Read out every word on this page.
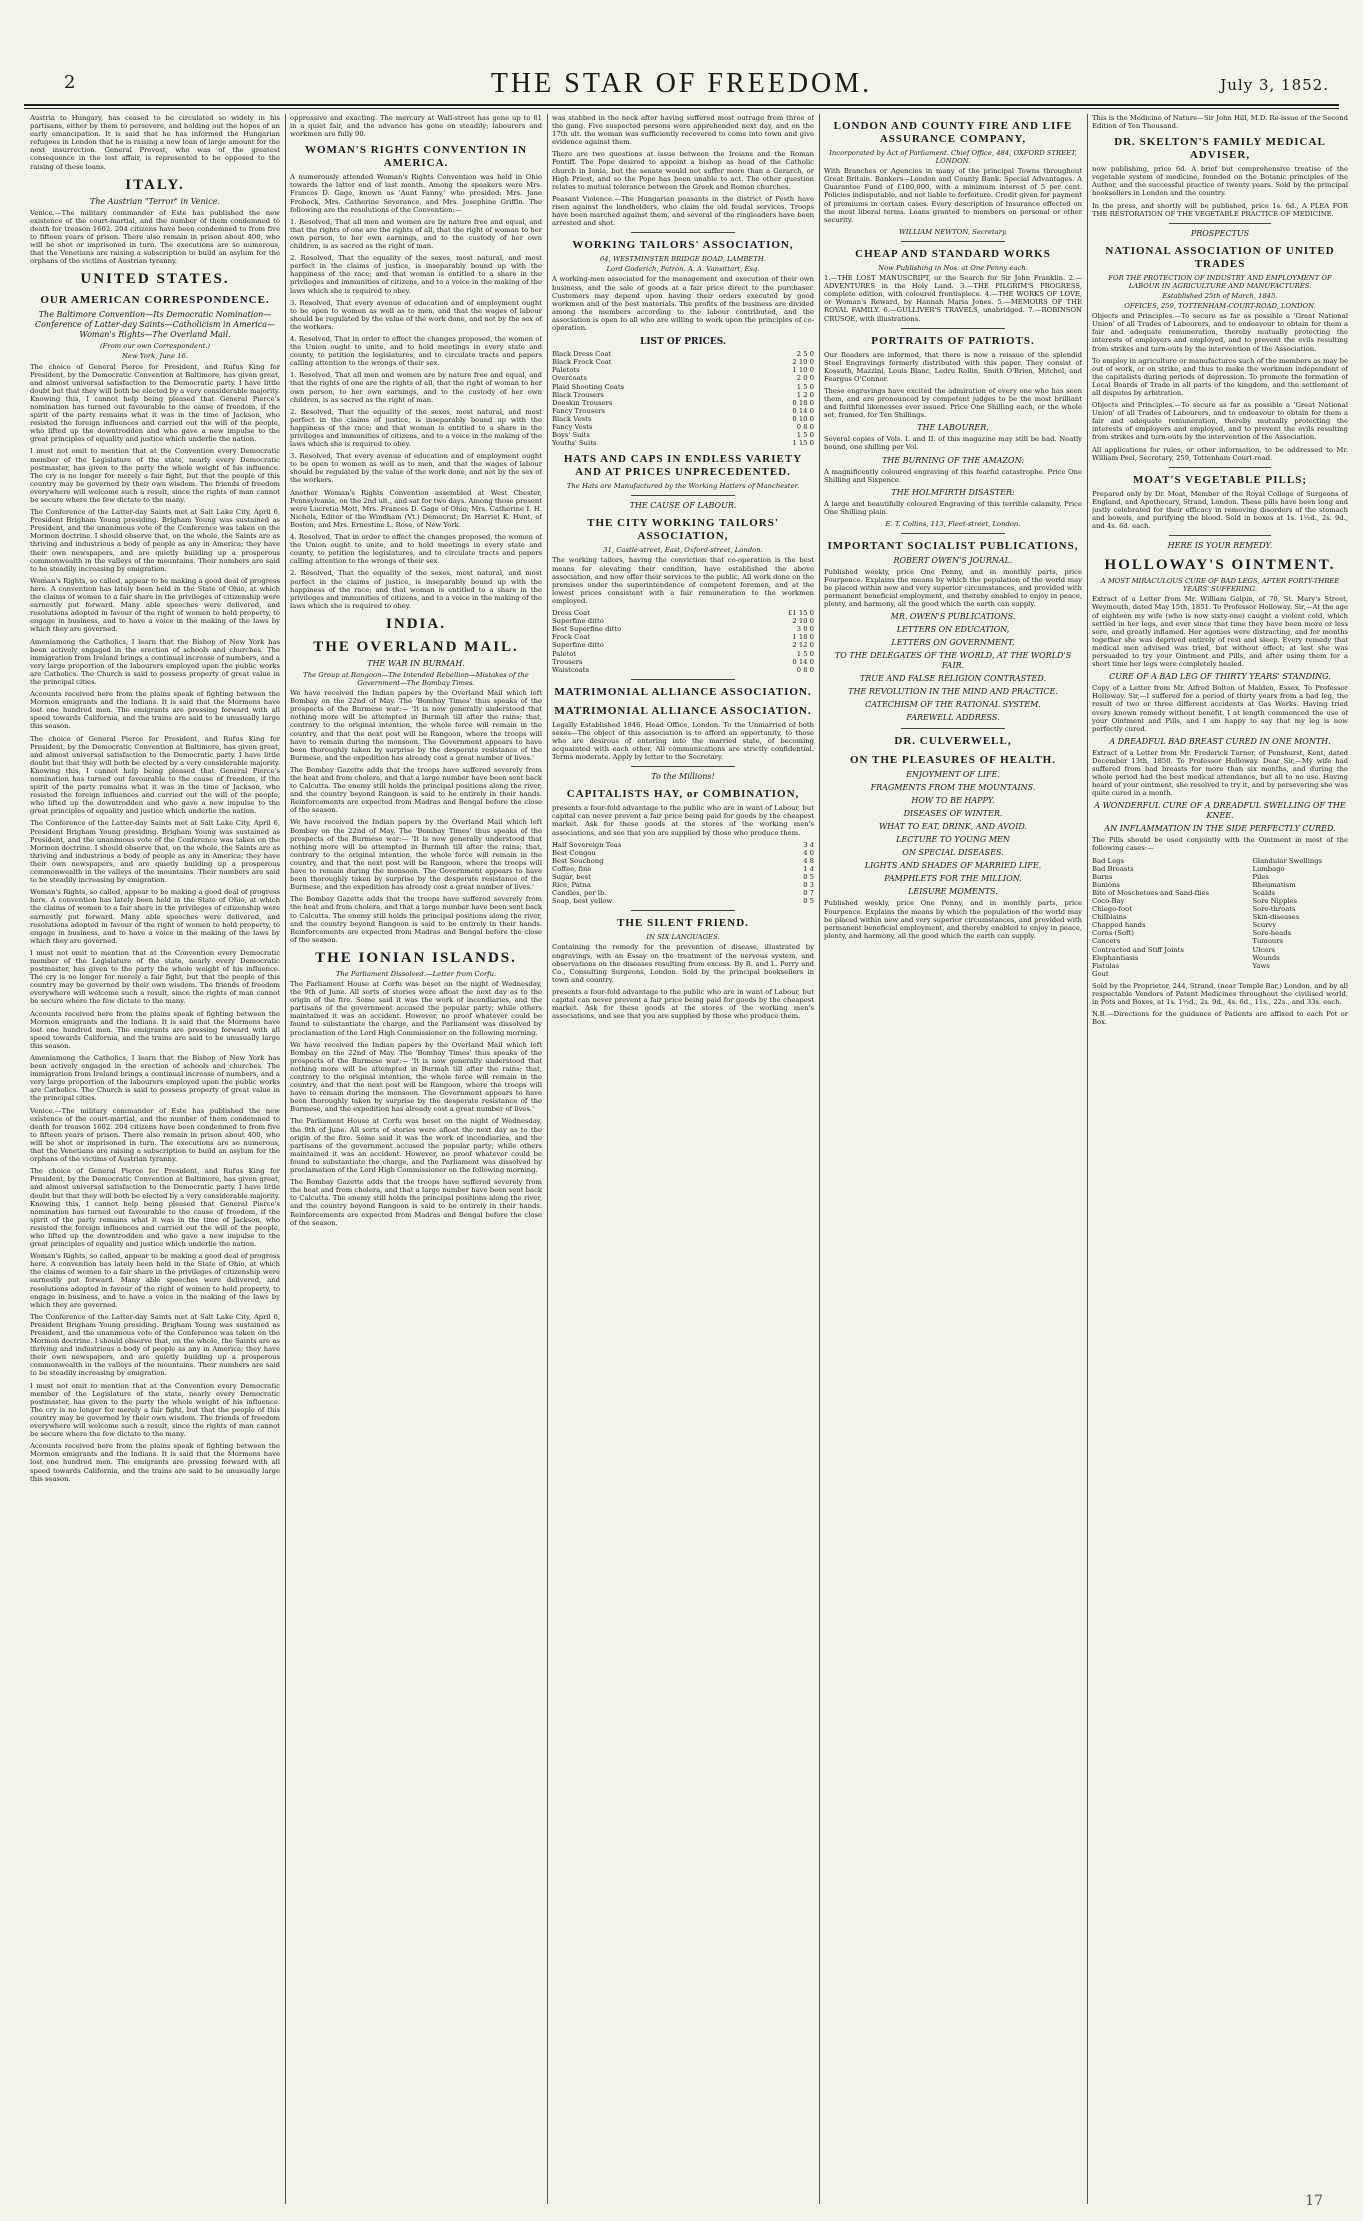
2	THE STAR OF FREEDOM.	July 3, 1852.

Austria to Hungary, has ceased to be circulated so widely in his partisans, either by them to persevere, and holding out the hopes of an early emancipation. It is said that he has informed the Hungarian refugees in London that he is raising a new loan of large amount for the next insurrection. General Prevost, who was of the greatest consequence in the lost affair, is represented to be opposed to the raising of these loans.

ITALY.
The Austrian "Terror" in Venice.

Venice.—The military commander of Este has published the new existence of the court-martial, and the number of them condemned to death for treason 1602. 204 citizens have been condemned to from five to fifteen years of prison. There also remain in prison about 400, who will be shot or imprisoned in turn. The executions are so numerous, that the Venetians are raising a subscription to build an asylum for the orphans of the victims of Austrian tyranny.

UNITED STATES.
OUR AMERICAN CORRESPONDENCE.
The Baltimore Convention—Its Democratic Nomination—Conference of Latter-day Saints—Catholicism in America—Woman's Rights—The Overland Mail.
(From our own Correspondent.)
New York, June 16.

The choice of General Pierce for President, and Rufus King for President, by the Democratic Convention at Baltimore, has given great, and almost universal satisfaction to the Democratic party. I have little doubt but that they will both be elected by a very considerable majority. Knowing this, I cannot help being pleased that General Pierce's nomination has turned out favourable to the cause of freedom, if the spirit of the party remains what it was in the time of Jackson, who resisted the foreign influences and carried out the will of the people, who lifted up the downtrodden and who gave a new impulse to the great principles of equality and justice which underlie the nation.

I must not omit to mention that at the Convention every Democratic member of the Legislature of the state, nearly every Democratic postmaster, has given to the party the whole weight of his influence. The cry is no longer for merely a fair fight, but that the people of this country may be governed by their own wisdom. The friends of freedom everywhere will welcome such a result, since the rights of man cannot be secure where the few dictate to the many.

The Conference of the Latter-day Saints met at Salt Lake City, April 6, President Brigham Young presiding. Brigham Young was sustained as President, and the unanimous vote of the Conference was taken on the Mormon doctrine. I should observe that, on the whole, the Saints are as thriving and industrious a body of people as any in America; they have their own newspapers, and are quietly building up a prosperous commonwealth in the valleys of the mountains. Their numbers are said to be steadily increasing by emigration.

Woman's Rights, so called, appear to be making a good deal of progress here. A convention has lately been held in the State of Ohio, at which the claims of women to a fair share in the privileges of citizenship were earnestly put forward. Many able speeches were delivered, and resolutions adopted in favour of the right of women to hold property, to engage in business, and to have a voice in the making of the laws by which they are governed.

Ameniamong the Catholics, I learn that the Bishop of New York has been actively engaged in the erection of schools and churches. The immigration from Ireland brings a continual increase of numbers, and a very large proportion of the labourers employed upon the public works are Catholics. The Church is said to possess property of great value in the principal cities.

Accounts received here from the plains speak of fighting between the Mormon emigrants and the Indians. It is said that the Mormons have lost one hundred men. The emigrants are pressing forward with all speed towards California, and the trains are said to be unusually large this season.

The choice of General Pierce for President, and Rufus King for President, by the Democratic Convention at Baltimore, has given great, and almost universal satisfaction to the Democratic party. I have little doubt but that they will both be elected by a very considerable majority. Knowing this, I cannot help being pleased that General Pierce's nomination has turned out favourable to the cause of freedom, if the spirit of the party remains what it was in the time of Jackson, who resisted the foreign influences and carried out the will of the people, who lifted up the downtrodden and who gave a new impulse to the great principles of equality and justice which underlie the nation.

The Conference of the Latter-day Saints met at Salt Lake City, April 6, President Brigham Young presiding. Brigham Young was sustained as President, and the unanimous vote of the Conference was taken on the Mormon doctrine. I should observe that, on the whole, the Saints are as thriving and industrious a body of people as any in America; they have their own newspapers, and are quietly building up a prosperous commonwealth in the valleys of the mountains. Their numbers are said to be steadily increasing by emigration.

Woman's Rights, so called, appear to be making a good deal of progress here. A convention has lately been held in the State of Ohio, at which the claims of women to a fair share in the privileges of citizenship were earnestly put forward. Many able speeches were delivered, and resolutions adopted in favour of the right of women to hold property, to engage in business, and to have a voice in the making of the laws by which they are governed.

I must not omit to mention that at the Convention every Democratic member of the Legislature of the state, nearly every Democratic postmaster, has given to the party the whole weight of his influence. The cry is no longer for merely a fair fight, but that the people of this country may be governed by their own wisdom. The friends of freedom everywhere will welcome such a result, since the rights of man cannot be secure where the few dictate to the many.

Accounts received here from the plains speak of fighting between the Mormon emigrants and the Indians. It is said that the Mormons have lost one hundred men. The emigrants are pressing forward with all speed towards California, and the trains are said to be unusually large this season.

Ameniamong the Catholics, I learn that the Bishop of New York has been actively engaged in the erection of schools and churches. The immigration from Ireland brings a continual increase of numbers, and a very large proportion of the labourers employed upon the public works are Catholics. The Church is said to possess property of great value in the principal cities.

Venice.—The military commander of Este has published the new existence of the court-martial, and the number of them condemned to death for treason 1602. 204 citizens have been condemned to from five to fifteen years of prison. There also remain in prison about 400, who will be shot or imprisoned in turn. The executions are so numerous, that the Venetians are raising a subscription to build an asylum for the orphans of the victims of Austrian tyranny.

The choice of General Pierce for President, and Rufus King for President, by the Democratic Convention at Baltimore, has given great, and almost universal satisfaction to the Democratic party. I have little doubt but that they will both be elected by a very considerable majority. Knowing this, I cannot help being pleased that General Pierce's nomination has turned out favourable to the cause of freedom, if the spirit of the party remains what it was in the time of Jackson, who resisted the foreign influences and carried out the will of the people, who lifted up the downtrodden and who gave a new impulse to the great principles of equality and justice which underlie the nation.

Woman's Rights, so called, appear to be making a good deal of progress here. A convention has lately been held in the State of Ohio, at which the claims of women to a fair share in the privileges of citizenship were earnestly put forward. Many able speeches were delivered, and resolutions adopted in favour of the right of women to hold property, to engage in business, and to have a voice in the making of the laws by which they are governed.

The Conference of the Latter-day Saints met at Salt Lake City, April 6, President Brigham Young presiding. Brigham Young was sustained as President, and the unanimous vote of the Conference was taken on the Mormon doctrine. I should observe that, on the whole, the Saints are as thriving and industrious a body of people as any in America; they have their own newspapers, and are quietly building up a prosperous commonwealth in the valleys of the mountains. Their numbers are said to be steadily increasing by emigration.

I must not omit to mention that at the Convention every Democratic member of the Legislature of the state, nearly every Democratic postmaster, has given to the party the whole weight of his influence. The cry is no longer for merely a fair fight, but that the people of this country may be governed by their own wisdom. The friends of freedom everywhere will welcome such a result, since the rights of man cannot be secure where the few dictate to the many.

Accounts received here from the plains speak of fighting between the Mormon emigrants and the Indians. It is said that the Mormons have lost one hundred men. The emigrants are pressing forward with all speed towards California, and the trains are said to be unusually large this season.

oppressive and exacting. The mercury at Wall-street has gone up to 81 in a quiet fair, and the advance has gone on steadily; labourers and workmen are fully 90.

WOMAN'S RIGHTS CONVENTION IN AMERICA.

A numerously attended Woman's Rights Convention was held in Ohio towards the latter end of last month. Among the speakers were Mrs. Frances D. Gage, known as 'Aunt Fanny,' who presided; Mrs. Jane Frohock, Mrs. Catherine Severance, and Mrs. Josephine Griffin. The following are the resolutions of the Convention:—

1. Resolved, That all men and women are by nature free and equal, and that the rights of one are the rights of all, that the right of woman to her own person, to her own earnings, and to the custody of her own children, is as sacred as the right of man.

2. Resolved, That the equality of the sexes, most natural, and most perfect in the claims of justice, is inseparably bound up with the happiness of the race; and that woman is entitled to a share in the privileges and immunities of citizens, and to a voice in the making of the laws which she is required to obey.

3. Resolved, That every avenue of education and of employment ought to be open to women as well as to men, and that the wages of labour should be regulated by the value of the work done, and not by the sex of the workers.

4. Resolved, That in order to effect the changes proposed, the women of the Union ought to unite, and to hold meetings in every state and county, to petition the legislatures, and to circulate tracts and papers calling attention to the wrongs of their sex.

1. Resolved, That all men and women are by nature free and equal, and that the rights of one are the rights of all, that the right of woman to her own person, to her own earnings, and to the custody of her own children, is as sacred as the right of man.

2. Resolved, That the equality of the sexes, most natural, and most perfect in the claims of justice, is inseparably bound up with the happiness of the race; and that woman is entitled to a share in the privileges and immunities of citizens, and to a voice in the making of the laws which she is required to obey.

3. Resolved, That every avenue of education and of employment ought to be open to women as well as to men, and that the wages of labour should be regulated by the value of the work done, and not by the sex of the workers.

Another Woman's Rights Convention assembled at West Chester, Pennsylvania, on the 2nd ult., and sat for two days. Among those present were Lucretia Mott, Mrs. Frances D. Gage of Ohio; Mrs. Catherine I. H. Nichols, Editor of the Windham (Vt.) Democrat; Dr. Harriet K. Hunt, of Boston; and Mrs. Ernestine L. Rose, of New York.

4. Resolved, That in order to effect the changes proposed, the women of the Union ought to unite, and to hold meetings in every state and county, to petition the legislatures, and to circulate tracts and papers calling attention to the wrongs of their sex.

2. Resolved, That the equality of the sexes, most natural, and most perfect in the claims of justice, is inseparably bound up with the happiness of the race; and that woman is entitled to a share in the privileges and immunities of citizens, and to a voice in the making of the laws which she is required to obey.

INDIA.
THE OVERLAND MAIL.
THE WAR IN BURMAH.
The Group at Rangoon—The Intended Rebellion—Mistakes of the Government—The Bombay Times.

We have received the Indian papers by the Overland Mail which left Bombay on the 22nd of May. The 'Bombay Times' thus speaks of the prospects of the Burmese war:— 'It is now generally understood that nothing more will be attempted in Burmah till after the rains; that, contrary to the original intention, the whole force will remain in the country, and that the next post will be Rangoon, where the troops will have to remain during the monsoon. The Government appears to have been thoroughly taken by surprise by the desperate resistance of the Burmese, and the expedition has already cost a great number of lives.'

The Bombay Gazette adds that the troops have suffered severely from the heat and from cholera, and that a large number have been sent back to Calcutta. The enemy still holds the principal positions along the river, and the country beyond Rangoon is said to be entirely in their hands. Reinforcements are expected from Madras and Bengal before the close of the season.

We have received the Indian papers by the Overland Mail which left Bombay on the 22nd of May. The 'Bombay Times' thus speaks of the prospects of the Burmese war:— 'It is now generally understood that nothing more will be attempted in Burmah till after the rains; that, contrary to the original intention, the whole force will remain in the country, and that the next post will be Rangoon, where the troops will have to remain during the monsoon. The Government appears to have been thoroughly taken by surprise by the desperate resistance of the Burmese, and the expedition has already cost a great number of lives.'

The Bombay Gazette adds that the troops have suffered severely from the heat and from cholera, and that a large number have been sent back to Calcutta. The enemy still holds the principal positions along the river, and the country beyond Rangoon is said to be entirely in their hands. Reinforcements are expected from Madras and Bengal before the close of the season.

THE IONIAN ISLANDS.
The Parliament Dissolved.—Letter from Corfu.

The Parliament House at Corfu was beset on the night of Wednesday, the 9th of June. All sorts of stories were afloat the next day as to the origin of the fire. Some said it was the work of incendiaries, and the partisans of the government accused the popular party; while others maintained it was an accident. However, no proof whatever could be found to substantiate the charge, and the Parliament was dissolved by proclamation of the Lord High Commissioner on the following morning.

We have received the Indian papers by the Overland Mail which left Bombay on the 22nd of May. The 'Bombay Times' thus speaks of the prospects of the Burmese war:— 'It is now generally understood that nothing more will be attempted in Burmah till after the rains; that, contrary to the original intention, the whole force will remain in the country, and that the next post will be Rangoon, where the troops will have to remain during the monsoon. The Government appears to have been thoroughly taken by surprise by the desperate resistance of the Burmese, and the expedition has already cost a great number of lives.'

The Parliament House at Corfu was beset on the night of Wednesday, the 9th of June. All sorts of stories were afloat the next day as to the origin of the fire. Some said it was the work of incendiaries, and the partisans of the government accused the popular party; while others maintained it was an accident. However, no proof whatever could be found to substantiate the charge, and the Parliament was dissolved by proclamation of the Lord High Commissioner on the following morning.

The Bombay Gazette adds that the troops have suffered severely from the heat and from cholera, and that a large number have been sent back to Calcutta. The enemy still holds the principal positions along the river, and the country beyond Rangoon is said to be entirely in their hands. Reinforcements are expected from Madras and Bengal before the close of the season.

was stabbed in the neck after having suffered most outrage from three of the gang. Five suspected persons were apprehended next day, and on the 17th ult. the woman was sufficiently recovered to come into town and give evidence against them.

There are two questions at issue between the Iroians and the Roman Pontiff. The Pope desired to appoint a bishop as head of the Catholic church in Ionia, but the senate would not suffer more than a Gerarch, or High Priest, and so the Pope has been unable to act. The other question relates to mutual tolerance between the Greek and Roman churches.

Peasant Violence.—The Hungarian peasants in the district of Pesth have risen against the landholders, who claim the old feudal services. Troops have been marched against them, and several of the ringleaders have been arrested and shot.

WORKING TAILORS' ASSOCIATION,
64, WESTMINSTER BRIDGE ROAD, LAMBETH.
Lord Goderich, Patron. A. A. Vansittart, Esq.

A working-men associated for the management and execution of their own business, and the sale of goods at a fair price direct to the purchaser. Customers may depend upon having their orders executed by good workmen and of the best materials. The profits of the business are divided among the members according to the labour contributed, and the association is open to all who are willing to work upon the principles of co-operation.

LIST OF PRICES.
Black Dress Coat	2 5 0
Black Frock Coat	2 10 0
Paletots	1 10 0
Overcoats	2 0 0
Plaid Shooting Coats	1 5 0
Black Trousers	1 2 0
Doeskin Trousers	0 18 0
Fancy Trousers	0 14 0
Black Vests	0 10 0
Fancy Vests	0 8 0
Boys' Suits	1 5 0
Youths' Suits	1 15 0
HATS AND CAPS IN ENDLESS VARIETY AND AT PRICES UNPRECEDENTED.
The Hats are Manufactured by the Working Hatters of Manchester.
THE CAUSE OF LABOUR.
THE CITY WORKING TAILORS' ASSOCIATION,
31, Castle-street, East, Oxford-street, London.

The working tailors, having the conviction that co-operation is the best means for elevating their condition, have established the above association, and now offer their services to the public. All work done on the premises under the superintendence of competent foremen, and at the lowest prices consistent with a fair remuneration to the workmen employed.

Dress Coat	£1 15 0
Superfine ditto	2 10 0
Best Superfine ditto	3 0 0
Frock Coat	1 18 0
Superfine ditto	2 12 0
Paletot	1 5 0
Trousers	0 14 0
Waistcoats	0 8 0
MATRIMONIAL ALLIANCE ASSOCIATION.
MATRIMONIAL ALLIANCE ASSOCIATION.

Legally Established 1846. Head Office, London. To the Unmarried of both sexes—The object of this association is to afford an opportunity, to those who are desirous of entering into the married state, of becoming acquainted with each other. All communications are strictly confidential. Terms moderate. Apply by letter to the Secretary.

To the Millions!
CAPITALISTS HAY, or COMBINATION,

presents a four-fold advantage to the public who are in want of Labour, but capital can never prevent a fair price being paid for goods by the cheapest market. Ask for these goods at the stores of the working men's associations, and see that you are supplied by those who produce them.

Half Sovereign Teas	3 4
Best Congou	4 0
Best Souchong	4 8
Coffee, fine	1 4
Sugar, best	0 5
Rice, Patna	0 3
Candles, per lb.	0 7
Soap, best yellow	0 5
THE SILENT FRIEND.
IN SIX LANGUAGES.

Containing the remedy for the prevention of disease, illustrated by engravings, with an Essay on the treatment of the nervous system, and observations on the diseases resulting from excess. By R. and L. Perry and Co., Consulting Surgeons, London. Sold by the principal booksellers in town and country.

presents a four-fold advantage to the public who are in want of Labour, but capital can never prevent a fair price being paid for goods by the cheapest market. Ask for these goods at the stores of the working men's associations, and see that you are supplied by those who produce them.

LONDON AND COUNTY FIRE AND LIFE ASSURANCE COMPANY,
Incorporated by Act of Parliament. Chief Office, 484, OXFORD STREET, LONDON.

With Branches or Agencies in many of the principal Towns throughout Great Britain. Bankers—London and County Bank. Special Advantages. A Guarantee Fund of £100,000, with a minimum interest of 5 per cent. Policies indisputable, and not liable to forfeiture. Credit given for payment of premiums in certain cases. Every description of Insurance effected on the most liberal terms. Loans granted to members on personal or other security.

WILLIAM NEWTON, Secretary.
CHEAP AND STANDARD WORKS
Now Publishing in Nos. at One Penny each.

1.—THE LOST MANUSCRIPT, or the Search for Sir John Franklin. 2.—ADVENTURES in the Holy Land. 3.—THE PILGRIM'S PROGRESS, complete edition, with coloured frontispiece. 4.—THE WORKS OF LOVE, or Woman's Reward, by Hannah Maria Jones. 5.—MEMOIRS OF THE ROYAL FAMILY. 6.—GULLIVER'S TRAVELS, unabridged. 7.—ROBINSON CRUSOE, with illustrations.

PORTRAITS OF PATRIOTS.

Our Readers are informed, that there is now a reissue of the splendid Steel Engravings formerly distributed with this paper. They consist of Kossuth, Mazzini, Louis Blanc, Ledru Rollin, Smith O'Brien, Mitchel, and Feargus O'Connor.

These engravings have excited the admiration of every one who has seen them, and are pronounced by competent judges to be the most brilliant and faithful likenesses ever issued. Price One Shilling each, or the whole set, framed, for Ten Shillings.

THE LABOURER.

Several copies of Vols. I. and II. of this magazine may still be had. Neatly bound, one shilling per Vol.

THE BURNING OF THE AMAZON:

A magnificently coloured engraving of this fearful catastrophe. Price One Shilling and Sixpence.

THE HOLMFIRTH DISASTER:

A large and beautifully coloured Engraving of this terrible calamity. Price One Shilling plain.

E. T. Collins, 113, Fleet-street, London.
IMPORTANT SOCIALIST PUBLICATIONS,
ROBERT OWEN'S JOURNAL.

Published weekly, price One Penny, and in monthly parts, price Fourpence. Explains the means by which the population of the world may be placed within new and very superior circumstances, and provided with permanent beneficial employment, and thereby enabled to enjoy in peace, plenty, and harmony, all the good which the earth can supply.

MR. OWEN'S PUBLICATIONS.
LETTERS ON EDUCATION,
LETTERS ON GOVERNMENT,
TO THE DELEGATES OF THE WORLD, AT THE WORLD'S FAIR.
TRUE AND FALSE RELIGION CONTRASTED.
THE REVOLUTION IN THE MIND AND PRACTICE.
CATECHISM OF THE RATIONAL SYSTEM.
FAREWELL ADDRESS.
DR. CULVERWELL,
ON THE PLEASURES OF HEALTH.
ENJOYMENT OF LIFE.
FRAGMENTS FROM THE MOUNTAINS.
HOW TO BE HAPPY.
DISEASES OF WINTER.
WHAT TO EAT, DRINK, AND AVOID.
LECTURE TO YOUNG MEN
ON SPECIAL DISEASES.
LIGHTS AND SHADES OF MARRIED LIFE.
PAMPHLETS FOR THE MILLION.
LEISURE MOMENTS.

Published weekly, price One Penny, and in monthly parts, price Fourpence. Explains the means by which the population of the world may be placed within new and very superior circumstances, and provided with permanent beneficial employment, and thereby enabled to enjoy in peace, plenty, and harmony, all the good which the earth can supply.

This is the Medicine of Nature—Sir John Hill, M.D. Re-issue of the Second Edition of Ten Thousand.

DR. SKELTON'S FAMILY MEDICAL ADVISER,

now publishing, price 6d. A brief but comprehensive treatise of the vegetable system of medicine, founded on the Botanic principles of the Author, and the successful practice of twenty years. Sold by the principal booksellers in London and the country.

In the press, and shortly will be published, price 1s. 6d., A PLEA FOR THE RESTORATION OF THE VEGETABLE PRACTICE OF MEDICINE.

PROSPECTUS
NATIONAL ASSOCIATION OF UNITED TRADES
FOR THE PROTECTION OF INDUSTRY AND EMPLOYMENT OF LABOUR IN AGRICULTURE AND MANUFACTURES.
Established 25th of March, 1845.
OFFICES, 259, TOTTENHAM-COURT-ROAD, LONDON.

Objects and Principles.—To secure as far as possible a 'Great National Union' of all Trades of Labourers, and to endeavour to obtain for them a fair and adequate remuneration, thereby mutually protecting the interests of employers and employed, and to prevent the evils resulting from strikes and turn-outs by the intervention of the Association.

To employ in agriculture or manufactures such of the members as may be out of work, or on strike, and thus to make the workmen independent of the capitalists during periods of depression. To promote the formation of Local Boards of Trade in all parts of the kingdom, and the settlement of all disputes by arbitration.

Objects and Principles.—To secure as far as possible a 'Great National Union' of all Trades of Labourers, and to endeavour to obtain for them a fair and adequate remuneration, thereby mutually protecting the interests of employers and employed, and to prevent the evils resulting from strikes and turn-outs by the intervention of the Association.

All applications for rules, or other information, to be addressed to Mr. William Peel, Secretary, 259, Tottenham Court-road.

MOAT'S VEGETABLE PILLS;

Prepared only by Dr. Moat, Member of the Royal College of Surgeons of England, and Apothecary, Strand, London. These pills have been long and justly celebrated for their efficacy in removing disorders of the stomach and bowels, and purifying the blood. Sold in boxes at 1s. 1½d., 2s. 9d., and 4s. 6d. each.

HERE IS YOUR REMEDY.
HOLLOWAY'S OINTMENT.
A MOST MIRACULOUS CURE OF BAD LEGS, AFTER FORTY-THREE YEARS' SUFFERING.

Extract of a Letter from Mr. William Galpin, of 70, St. Mary's Street, Weymouth, dated May 15th, 1851. To Professor Holloway. Sir,—At the age of eighteen my wife (who is now sixty-one) caught a violent cold, which settled in her legs, and ever since that time they have been more or less sore, and greatly inflamed. Her agonies were distracting, and for months together she was deprived entirely of rest and sleep. Every remedy that medical men advised was tried, but without effect; at last she was persuaded to try your Ointment and Pills, and after using them for a short time her legs were completely healed.

CURE OF A BAD LEG OF THIRTY YEARS' STANDING.

Copy of a Letter from Mr. Alfred Bolton of Malden, Essex. To Professor Holloway. Sir,—I suffered for a period of thirty years from a bad leg, the result of two or three different accidents at Gas Works. Having tried every known remedy without benefit, I at length commenced the use of your Ointment and Pills, and I am happy to say that my leg is now perfectly cured.

A DREADFUL BAD BREAST CURED IN ONE MONTH.

Extract of a Letter from Mr. Frederick Turner, of Penshurst, Kent, dated December 13th, 1850. To Professor Holloway. Dear Sir,—My wife had suffered from bad breasts for more than six months, and during the whole period had the best medical attendance, but all to no use. Having heard of your ointment, she resolved to try it, and by persevering she was quite cured in a month.

A WONDERFUL CURE OF A DREADFUL SWELLING OF THE KNEE.
AN INFLAMMATION IN THE SIDE PERFECTLY CURED.

The Pills should be used conjointly with the Ointment in most of the following cases:—

Bad Legs	Glandular Swellings
Bad Breasts	Lumbago
Burns	Piles
Bunions	Rheumatism
Bite of Moschetoes and Sand-flies	Scalds
Coco-Bay	Sore Nipples
Chiego-foot	Sore-throats
Chilblains	Skin-diseases
Chapped hands	Scurvy
Corns (Soft)	Sore-heads
Cancers	Tumours
Contracted and Stiff Joints	Ulcers
Elephantiasis	Wounds
Fistulas	Yaws
Gout	

Sold by the Proprietor, 244, Strand, (near Temple Bar,) London, and by all respectable Vendors of Patent Medicines throughout the civilised world, in Pots and Boxes, at 1s. 1½d., 2s. 9d., 4s. 6d., 11s., 22s., and 33s. each.

N.B.—Directions for the guidance of Patients are affixed to each Pot or Box.

17
